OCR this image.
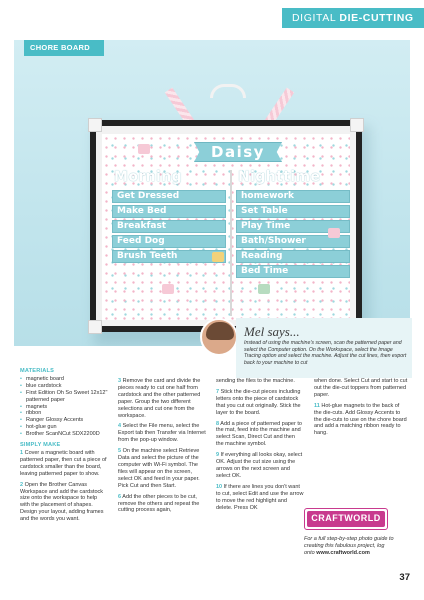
DIGITAL DIE-CUTTING
Daisy
Morning
Get Dressed
Make Bed
Breakfast
Feed Dog
Brush Teeth
Nighttime
homework
Set Table
Play Time
Bath/Shower
Reading
Bed Time
CHORE BOARD
Mel says...
Instead of using the machine's screen, scan the patterned paper and select the Computer option. On the Workspace, select the Image Tracing option and select the machine. Adjust the cut lines, then export back to your machine to cut
MATERIALS
• magnetic board
• blue cardstock
• First Edition Oh So Sweet 12x12" patterned paper
• magnets
• ribbon
• Ranger Glossy Accents
• hot-glue gun
• Brother ScanNCut SDX2200D
SIMPLY MAKE

1 Cover a magnetic board with patterned paper, then cut a piece of cardstock smaller than the board, leaving patterned paper to show.

2 Open the Brother Canvas Workspace and add the cardstock size onto the workspace to help with the placement of shapes. Design your layout, adding frames and the words you want.

3 Remove the card and divide the pieces ready to cut one half from cardstock and the other patterned paper. Group the two different selections and cut one from the workspace.

4 Select the File menu, select the Export tab then Transfer via Internet from the pop-up window.

5 On the machine select Retrieve Data and select the picture of the computer with Wi-Fi symbol. The files will appear on the screen, select OK and feed in your paper. Pick Cut and then Start.

6 Add the other pieces to be cut, remove the others and repeat the cutting process again,

sending the files to the machine.

7 Stick the die-cut pieces including letters onto the piece of cardstock that you cut out originally. Stick the layer to the board.

8 Add a piece of patterned paper to the mat, feed into the machine and select Scan, Direct Cut and then the machine symbol.

9 If everything all looks okay, select OK. Adjust the cut size using the arrows on the next screen and select OK.

10 If there are lines you don't want to cut, select Edit and use the arrow to move the red highlight and delete. Press OK

when done. Select Cut and start to cut out the die-cut toppers from patterned paper.

11 Hot-glue magnets to the back of the die-cuts. Add Glossy Accents to the die-cuts to use on the chore board and add a matching ribbon ready to hang.

CRAFTWORLD
For a full step-by-step photo guide to creating this fabulous project, log onto www.craftworld.com
37
